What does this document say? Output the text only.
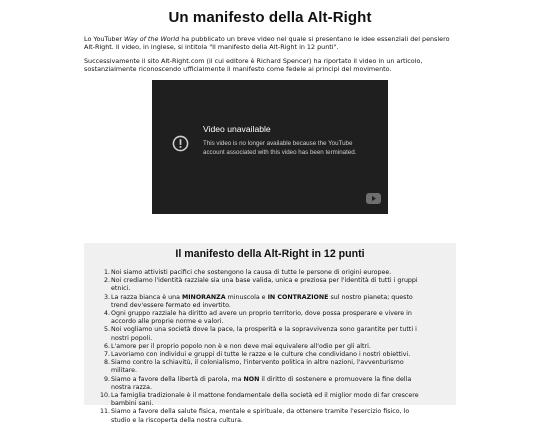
Un manifesto della Alt-Right

Lo YouTuber Way of the World ha pubblicato un breve video nel quale si presentano le idee essenziali del pensiero Alt-Right. Il video, in inglese, si intitola "Il manifesto della Alt-Right in 12 punti".

Successivamente il sito Alt-Right.com (il cui editore è Richard Spencer) ha riportato il video in un articolo, sostanzialmente riconoscendo ufficialmente il manifesto come fedele ai principi del movimento.

Video unavailable

This video is no longer available because the YouTube account associated with this video has been terminated.

Il manifesto della Alt-Right in 12 punti
1. Noi siamo attivisti pacifici che sostengono la causa di tutte le persone di origini europee.
2. Noi crediamo l'identità razziale sia una base valida, unica e preziosa per l'identità di tutti i gruppi etnici.
3. La razza bianca è una MINORANZA minuscola e IN CONTRAZIONE sul nostro pianeta; questo trend dev'essere fermato ed invertito.
4. Ogni gruppo razziale ha diritto ad avere un proprio territorio, dove possa prosperare e vivere in accordo alle proprie norme e valori.
5. Noi vogliamo una società dove la pace, la prosperità e la sopravvivenza sono garantite per tutti i nostri popoli.
6. L'amore per il proprio popolo non è e non deve mai equivalere all'odio per gli altri.
7. Lavoriamo con individui e gruppi di tutte le razze e le culture che condividano i nostri obiettivi.
8. Siamo contro la schiavitù, il colonialismo, l'intervento politica in altre nazioni, l'avventurismo militare.
9. Siamo a favore della libertà di parola, ma NON il diritto di sostenere e promuovere la fine della nostra razza.
10. La famiglia tradizionale è il mattone fondamentale della società ed il miglior modo di far crescere bambini sani.
11. Siamo a favore della salute fisica, mentale e spirituale, da ottenere tramite l'esercizio fisico, lo studio e la riscoperta della nostra cultura.
